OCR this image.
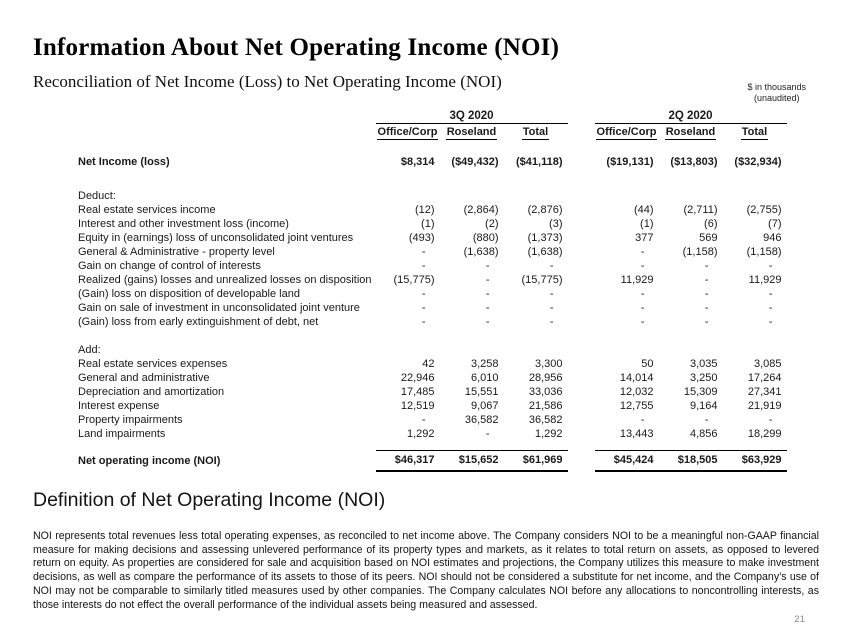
Information About Net Operating Income (NOI)
Reconciliation of Net Income (Loss) to Net Operating Income (NOI)	$ in thousands
(unaudited)
	3Q 2020				2Q 2020		
	Office/Corp	Roseland	Total		Office/Corp	Roseland	Total

Net Income (loss)	$8,314	($49,432)	($41,118)		($19,131)	($13,803)	($32,934)

Deduct:							
Real estate services income	(12)	(2,864)	(2,876)		(44)	(2,711)	(2,755)
Interest and other investment loss (income)	(1)	(2)	(3)		(1)	(6)	(7)
Equity in (earnings) loss of unconsolidated joint ventures	(493)	(880)	(1,373)		377	569	946
General & Administrative - property level	-	(1,638)	(1,638)		-	(1,158)	(1,158)
Gain on change of control of interests	-	-	-		-	-	-
Realized (gains) losses and unrealized losses on disposition	(15,775)	-	(15,775)		11,929	-	11,929
(Gain) loss on disposition of developable land	-	-	-		-	-	-
Gain on sale of investment in unconsolidated joint venture	-	-	-		-	-	-
(Gain) loss from early extinguishment of debt, net	-	-	-		-	-	-

Add:							
Real estate services expenses	42	3,258	3,300		50	3,035	3,085
General and administrative	22,946	6,010	28,956		14,014	3,250	17,264
Depreciation and amortization	17,485	15,551	33,036		12,032	15,309	27,341
Interest expense	12,519	9,067	21,586		12,755	9,164	21,919
Property impairments	-	36,582	36,582		-	-	-
Land impairments	1,292	-	1,292		13,443	4,856	18,299

Net operating income (NOI)	$46,317	$15,652	$61,969		$45,424	$18,505	$63,929
Definition of Net Operating Income (NOI)
NOI represents total revenues less total operating expenses, as reconciled to net income above. The Company considers NOI to be a meaningful non-GAAP financial measure for making decisions and assessing unlevered performance of its property types and markets, as it relates to total return on assets, as opposed to levered return on equity. As properties are considered for sale and acquisition based on NOI estimates and projections, the Company utilizes this measure to make investment decisions, as well as compare the performance of its assets to those of its peers. NOI should not be considered a substitute for net income, and the Company’s use of NOI may not be comparable to similarly titled measures used by other companies. The Company calculates NOI before any allocations to noncontrolling interests, as those interests do not effect the overall performance of the individual assets being measured and assessed.
21
